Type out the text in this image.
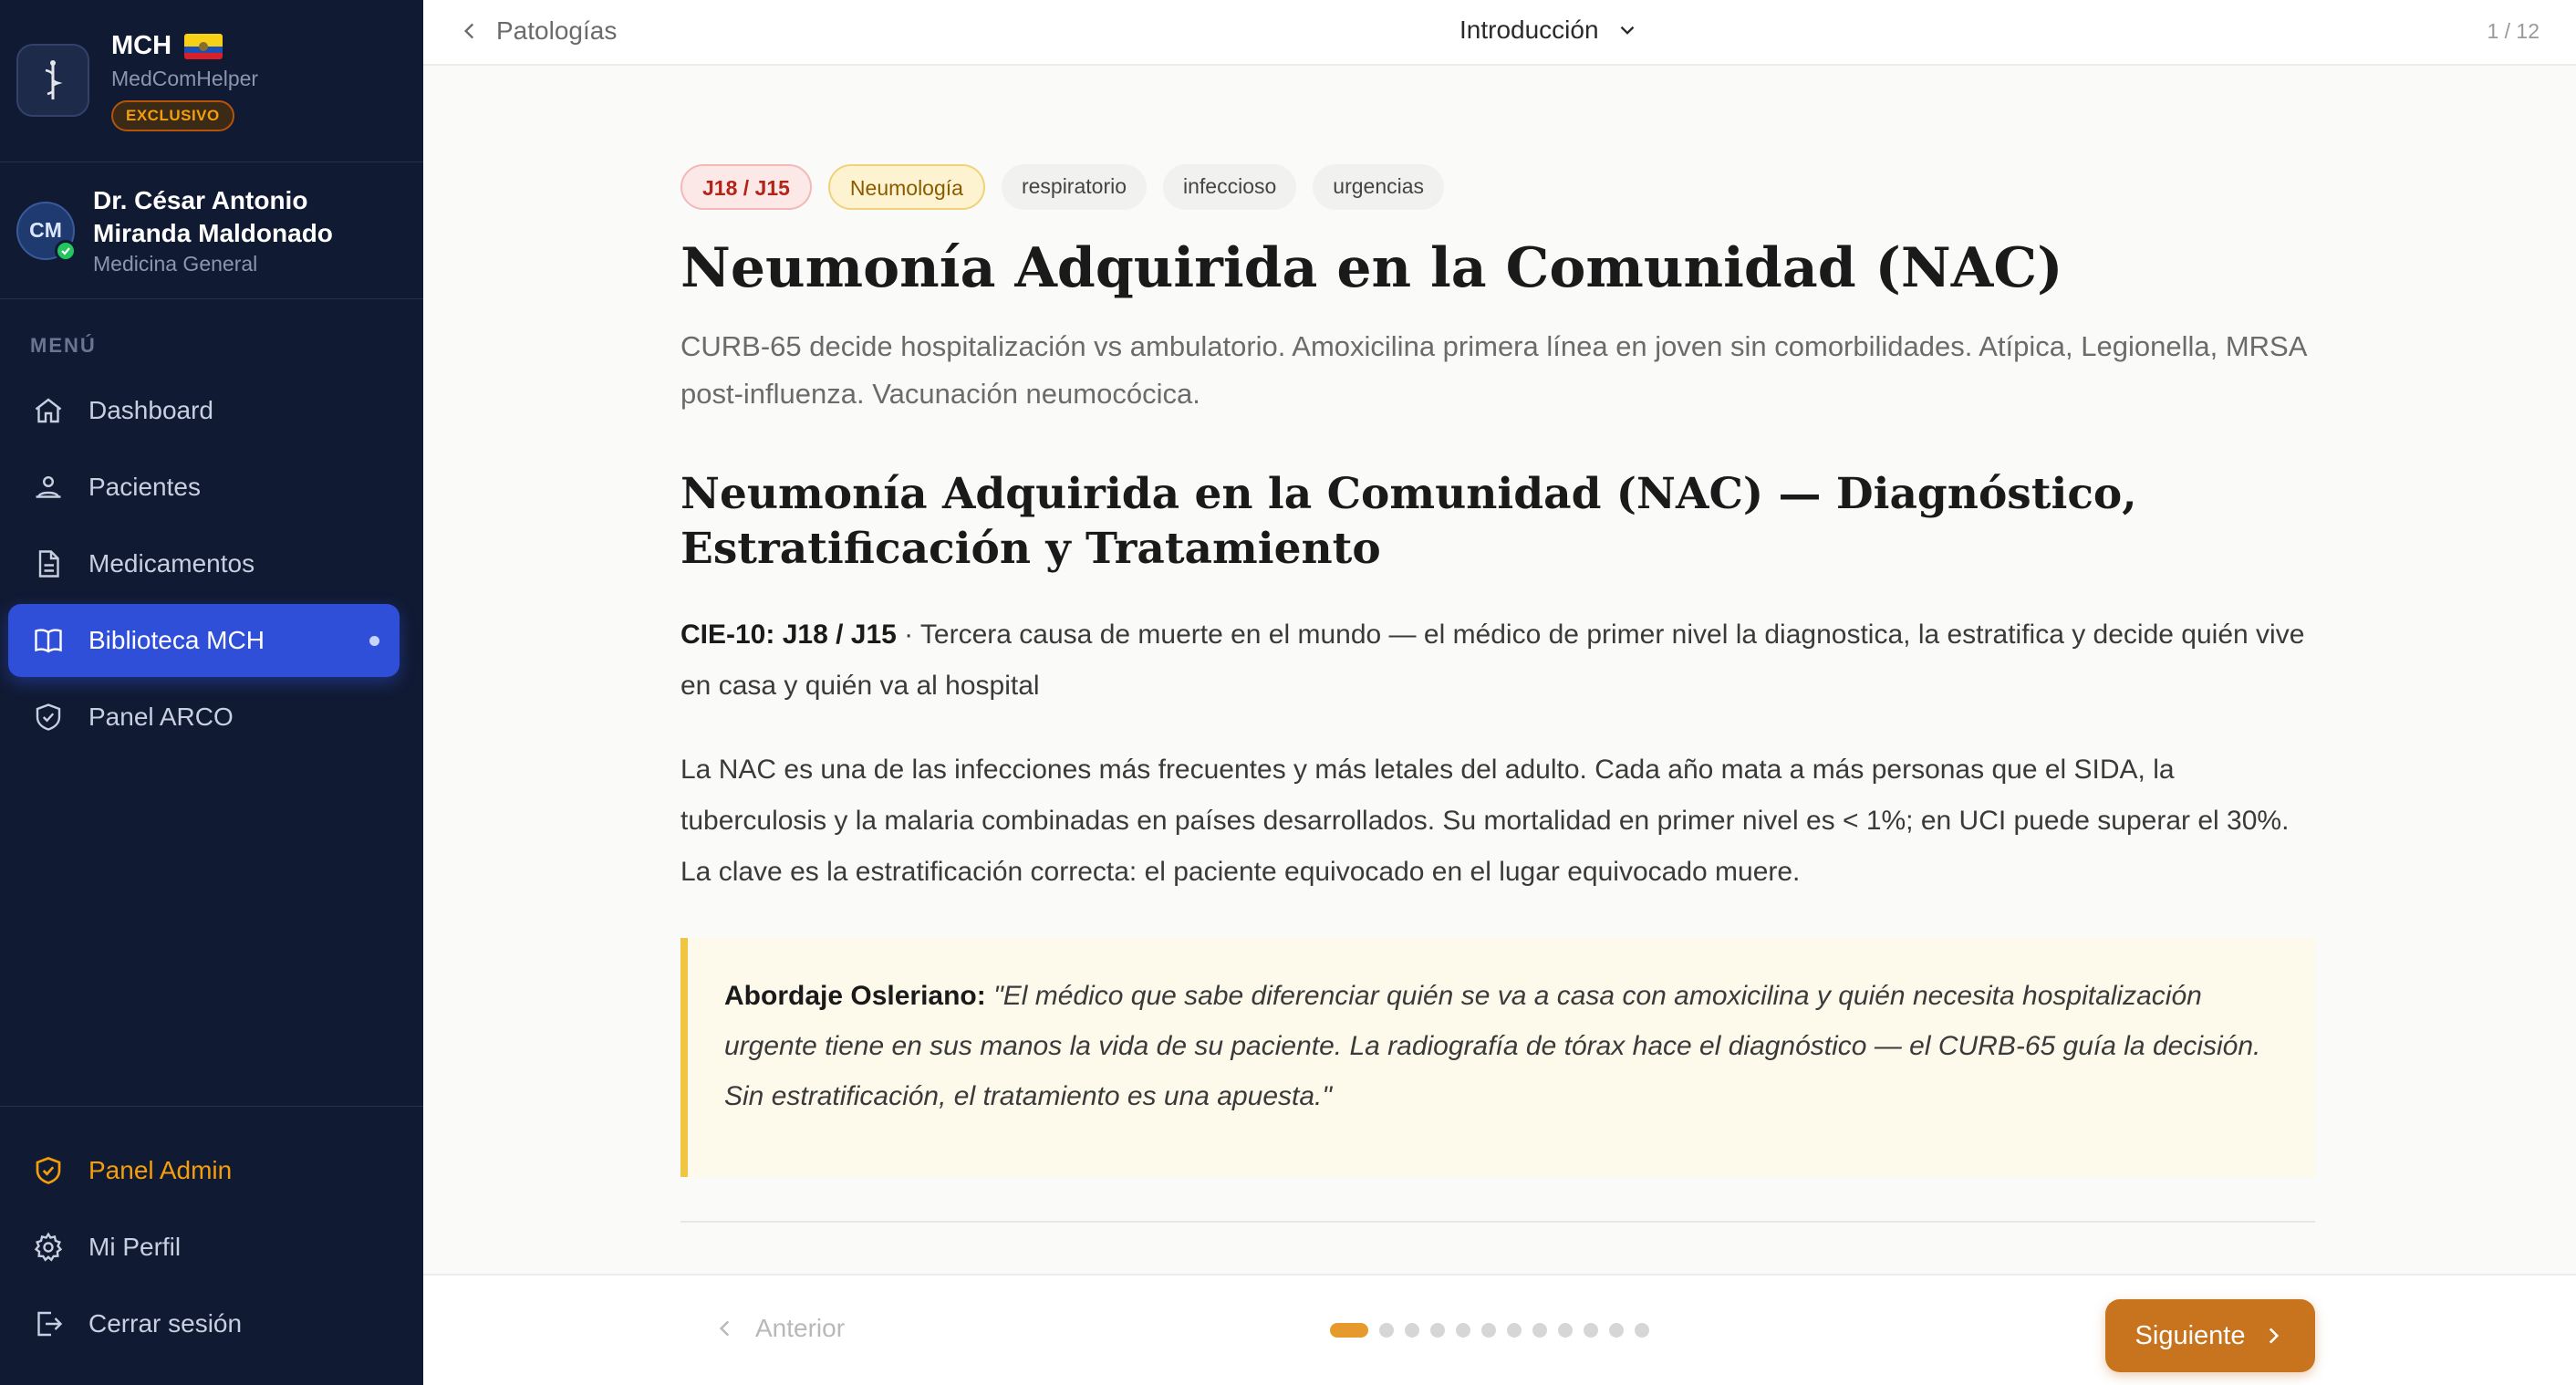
MCH
MedComHelper
EXCLUSIVO
CM
Dr. César Antonio
Miranda Maldonado
Medicina General
MENÚ
Dashboard
Pacientes
Medicamentos
Biblioteca MCH
Panel ARCO
Panel Admin
Mi Perfil
Cerrar sesión
Patologías	Introducción	1 / 12
J18 / J15	Neumología	respiratorio	infeccioso	urgencias
Neumonía Adquirida en la Comunidad (NAC)

CURB-65 decide hospitalización vs ambulatorio. Amoxicilina primera línea en joven sin comorbilidades. Atípica, Legionella, MRSA post-influenza. Vacunación neumocócica.

Neumonía Adquirida en la Comunidad (NAC) — Diagnóstico, Estratificación y Tratamiento

CIE-10: J18 / J15 · Tercera causa de muerte en el mundo — el médico de primer nivel la diagnostica, la estratifica y decide quién vive en casa y quién va al hospital

La NAC es una de las infecciones más frecuentes y más letales del adulto. Cada año mata a más personas que el SIDA, la tuberculosis y la malaria combinadas en países desarrollados. Su mortalidad en primer nivel es < 1%; en UCI puede superar el 30%. La clave es la estratificación correcta: el paciente equivocado en el lugar equivocado muere.

Abordaje Osleriano: "El médico que sabe diferenciar quién se va a casa con amoxicilina y quién necesita hospitalización urgente tiene en sus manos la vida de su paciente. La radiografía de tórax hace el diagnóstico — el CURB-65 guía la decisión. Sin estratificación, el tratamiento es una apuesta."
Anterior	Siguiente
